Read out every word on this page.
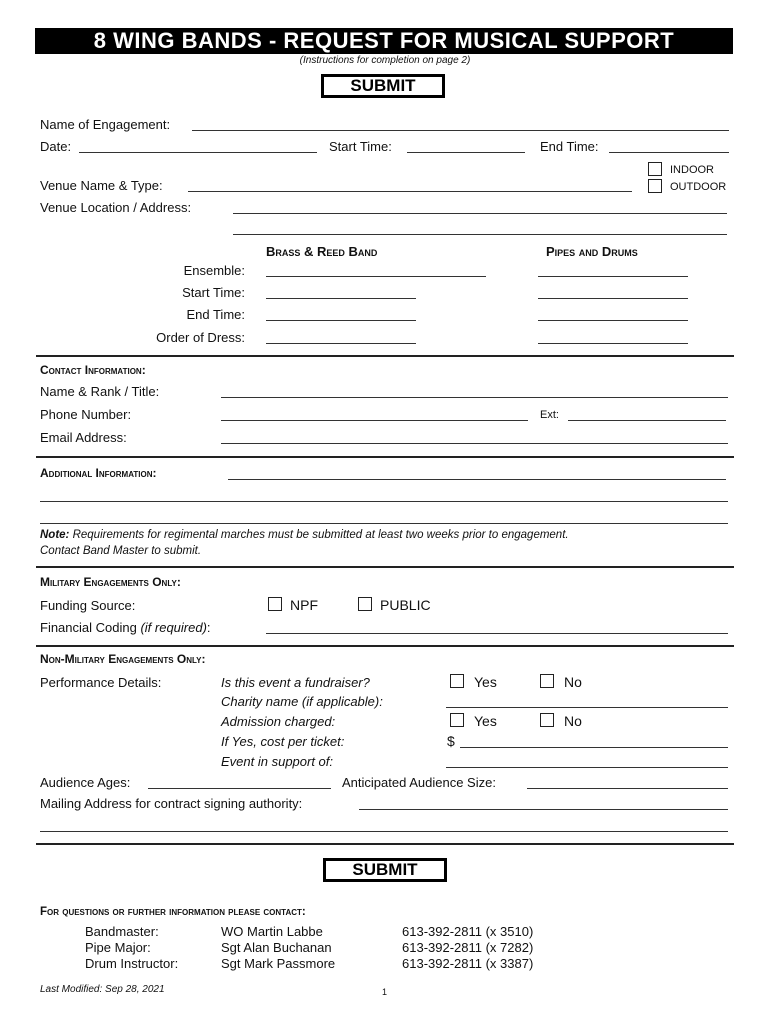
8 WING BANDS - REQUEST FOR MUSICAL SUPPORT
(Instructions for completion on page 2)
SUBMIT
Name of Engagement:
Date:	Start Time:	End Time:
INDOOR
OUTDOOR
Venue Name & Type:
Venue Location / Address:
Brass & Reed Band	Pipes and Drums
Ensemble:
Start Time:
End Time:
Order of Dress:
Contact Information:
Name & Rank / Title:
Phone Number:	Ext:
Email Address:
Additional Information:
Note: Requirements for regimental marches must be submitted at least two weeks prior to engagement.
Contact Band Master to submit.
Military Engagements Only:
Funding Source:	NPF	PUBLIC
Financial Coding (if required):
Non-Military Engagements Only:
Performance Details:	Is this event a fundraiser?	Yes	No
Charity name (if applicable):
Admission charged:	Yes	No
If Yes, cost per ticket:	$
Event in support of:
Audience Ages:	Anticipated Audience Size:
Mailing Address for contract signing authority:
SUBMIT
For questions or further information please contact:
Bandmaster:	WO Martin Labbe	613-392-2811 (x 3510)
Pipe Major:	Sgt Alan Buchanan	613-392-2811 (x 7282)
Drum Instructor:	Sgt Mark Passmore	613-392-2811 (x 3387)
Last Modified: Sep 28, 2021	1
